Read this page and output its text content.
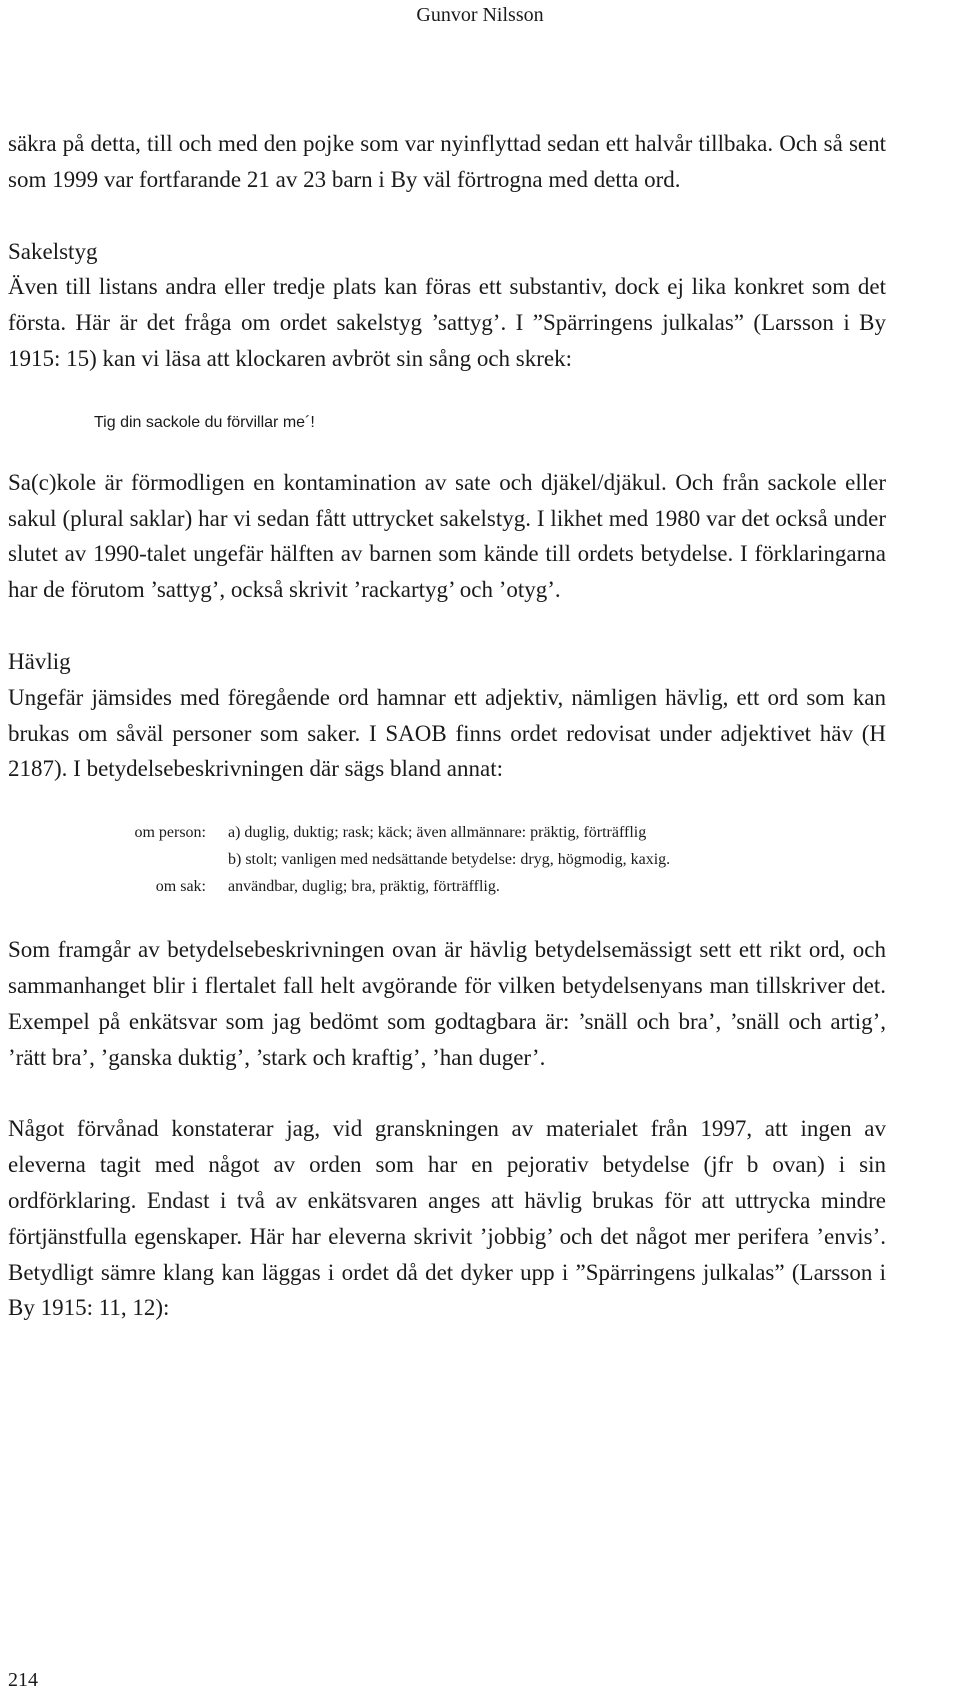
Gunvor Nilsson

säkra på detta, till och med den pojke som var nyinflyttad sedan ett halvår tillbaka. Och så sent som 1999 var fortfarande 21 av 23 barn i By väl förtrogna med detta ord.

Sakelstyg

Även till listans andra eller tredje plats kan föras ett substantiv, dock ej lika konkret som det första. Här är det fråga om ordet sakelstyg ’sattyg’. I ”Spärringens julkalas” (Larsson i By 1915: 15) kan vi läsa att klockaren avbröt sin sång och skrek:

Tig din sackole du förvillar me´!

Sa(c)kole är förmodligen en kontamination av sate och djäkel/djäkul. Och från sackole eller sakul (plural saklar) har vi sedan fått uttrycket sakelstyg. I likhet med 1980 var det också under slutet av 1990-talet ungefär hälften av barnen som kände till ordets betydelse. I förklaringarna har de förutom ’sattyg’, också skrivit ’rackartyg’ och ’otyg’.

Hävlig

Ungefär jämsides med föregående ord hamnar ett adjektiv, nämligen hävlig, ett ord som kan brukas om såväl personer som saker. I SAOB finns ordet redovisat under adjektivet häv (H 2187). I betydelsebeskrivningen där sägs bland annat:

om person:	a) duglig, duktig; rask; käck; även allmännare: präktig, förträfflig
	b) stolt; vanligen med nedsättande betydelse: dryg, högmodig, kaxig.
om sak:	användbar, duglig; bra, präktig, förträfflig.

Som framgår av betydelsebeskrivningen ovan är hävlig betydelsemässigt sett ett rikt ord, och sammanhanget blir i flertalet fall helt avgörande för vilken betydelsenyans man tillskriver det. Exempel på enkätsvar som jag bedömt som godtagbara är: ’snäll och bra’, ’snäll och artig’, ’rätt bra’, ’ganska duktig’, ’stark och kraftig’, ’han duger’.

Något förvånad konstaterar jag, vid granskningen av materialet från 1997, att ingen av eleverna tagit med något av orden som har en pejorativ betydelse (jfr b ovan) i sin ordförklaring. Endast i två av enkätsvaren anges att hävlig brukas för att uttrycka mindre förtjänstfulla egenskaper. Här har eleverna skrivit ’jobbig’ och det något mer perifera ’envis’. Betydligt sämre klang kan läggas i ordet då det dyker upp i ”Spärringens julkalas” (Larsson i By 1915: 11, 12):

214
